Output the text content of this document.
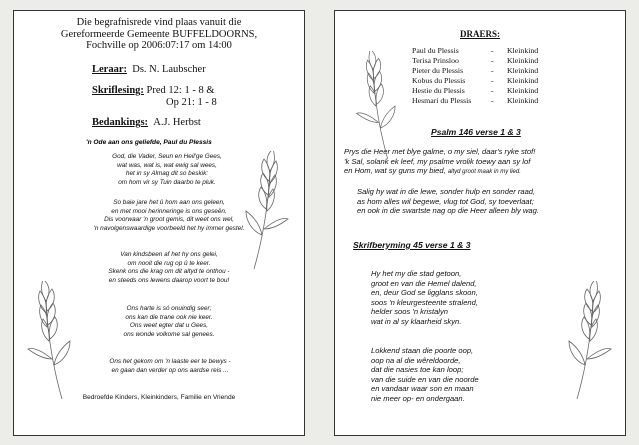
Die begrafnisrede vind plaas vanuit die
Gereformeerde Gemeente BUFFELDOORNS,
Fochville op 2006:07:17 om 14:00
Leraar: Ds. N. Laubscher
Skriflesing: Pred 12: 1 - 8 &
Op 21: 1 - 8
Bedankings: A.J. Herbst
'n Ode aan ons geliefde, Paul du Plessis
God, die Vader, Seun en Heil'ge Gees,
wat was, wat is, wat ewig sal wees,
het in sy Almag dit so beskik:
om hom vir sy Tuin daarbo te pluk.
So baie jare het û hom aan ons geleen,
en met mooi herinneringe is ons geseën.
Dis voorwaar 'n groot gemis, dit weet ons wel,
'n navolgenswaardige voorbeeld het hy immer gestel.
Van kindsbeen af het hy ons gelei,
om nooit die rug op û te keer.
Skenk ons die krag om dit altyd te onthou -
en steeds ons lewens daarop voort te bou!
Ons harte is só onuindig seer;
ons kan die trane ook nie keer.
Ons weet egter dat u Gees,
ons wonde volkome sal genees.
Ons het gekom om 'n laaste eer te bewys -
en gaan dan verder op ons aardse reis ...
Bedroefde Kinders, Kleinkinders, Familie en Vriende
DRAERS:
Paul du Plessis	- Kleinkind
Terisa Prinsloo	- Kleinkind
Pieter du Plessis	- Kleinkind
Kobus du Plessis	- Kleinkind
Hestie du Plessis	- Kleinkind
Hesmari du Plessis	- Kleinkind
Psalm 146 verse 1 & 3
Prys die Heer met blye galme, o my siel, daar's ryke stof!
'k Sal, solank ek leef, my psalme vrolik toewy aan sy lof
en Hom, wat sy guns my bied, altyd groot maak in my lied.
Salig hy wat in die lewe, sonder hulp en sonder raad,
as hom alles wil begewe, vlug tot God, sy toeverlaat;
en ook in die swartste nag op die Heer alleen bly wag.
Skrifberyming 45 verse 1 & 3
Hy het my die stad getoon,
groot en van die Hemel dalend,
en, deur God se ligglans skoon,
soos 'n kleurgesteente stralend,
helder soos 'n kristalyn
wat in al sy klaarheid skyn.
Lokkend staan die poorte oop,
oop na al die wêreldoorde,
dat die nasies toe kan loop;
van die suide en van die noorde
en vandaar waar son en maan
nie meer op- en ondergaan.
